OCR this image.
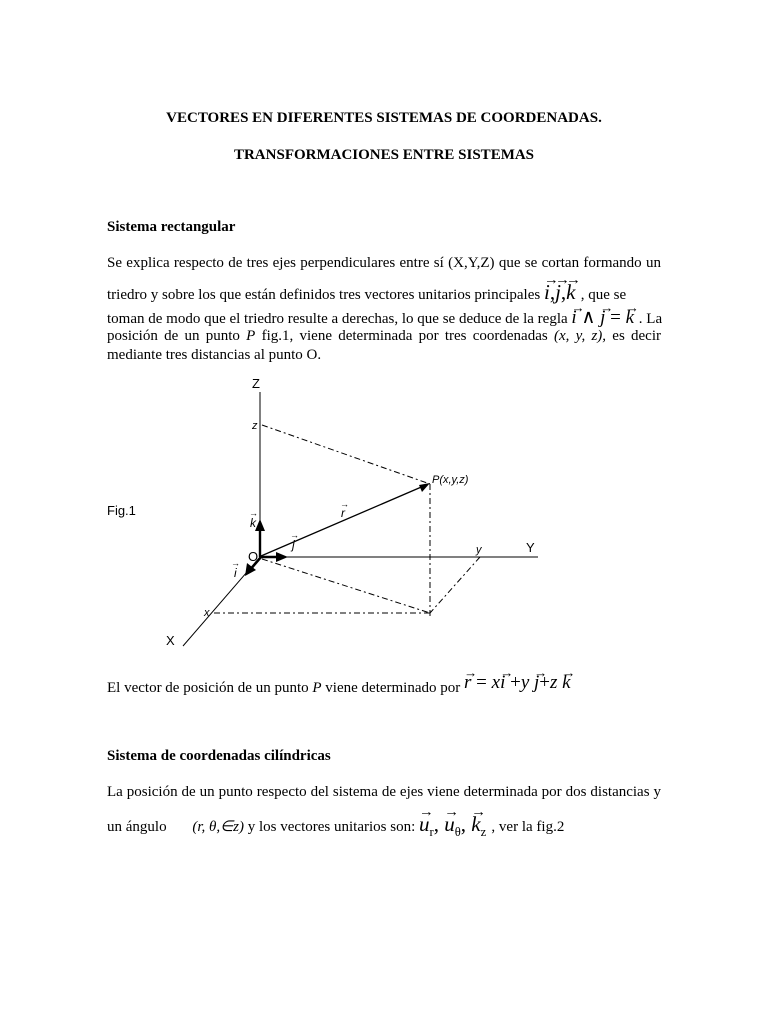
VECTORES EN DIFERENTES SISTEMAS DE COORDENADAS.
TRANSFORMACIONES ENTRE SISTEMAS
Sistema rectangular
Se explica respecto de tres ejes perpendiculares entre sí (X,Y,Z) que se cortan formando un
triedro y sobre los que están definidos tres vectores unitarios principales → i,→ j,→ k , que se
toman de modo que el triedro resulte a derechas, lo que se deduce de la regla → i ∧ → j = → k . La
posición de un punto P fig.1, viene determinada por tres coordenadas (x, y, z), es decir
mediante tres distancias al punto O.
Fig.1
Z
Y
X
O
z
y
x
P(x,y,z)
r
→
k
→
j
→
i
→
El vector de posición de un punto P viene determinado por → r = x→ i +y → j+z → k
Sistema de coordenadas cilíndricas
La posición de un punto respecto del sistema de ejes viene determinada por dos distancias y
un ángulo (r, θ,∈z) y los vectores unitarios son: → $u_r$, → $u_\theta$, → $k_z$ , ver la fig.2
